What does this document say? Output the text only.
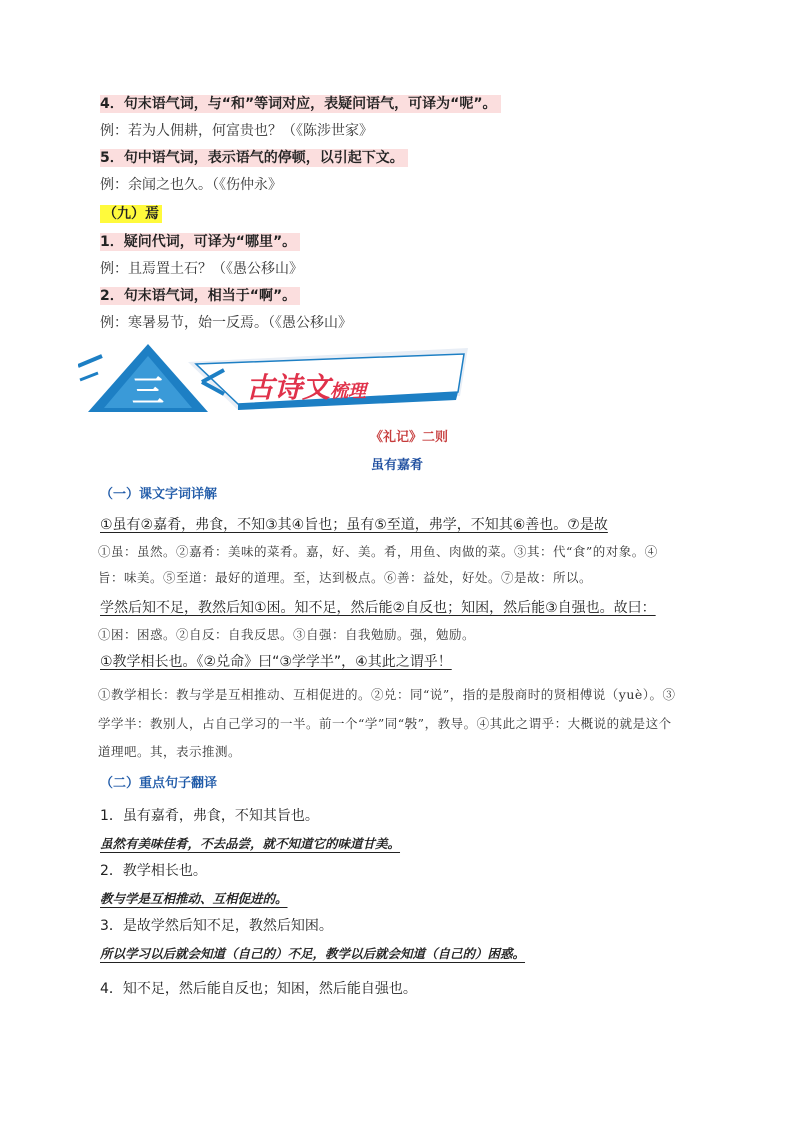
4．句末语气词，与“和”等词对应，表疑问语气，可译为“呢”。
例：若为人佣耕，何富贵也？（《陈涉世家》
5．句中语气词，表示语气的停顿，以引起下文。
例：余闻之也久。（《伤仲永》
（九）焉
1．疑问代词，可译为“哪里”。
例：且焉置土石？（《愚公移山》
2．句末语气词，相当于“啊”。
例：寒暑易节，始一反焉。（《愚公移山》
三	古诗文梳理
《礼记》二则
虽有嘉肴
（一）课文字词详解
①虽有②嘉肴，弗食，不知③其④旨也；虽有⑤至道，弗学，不知其⑥善也。⑦是故
①虽：虽然。②嘉肴：美味的菜肴。嘉，好、美。肴，用鱼、肉做的菜。③其：代“食”的对象。④
旨：味美。⑤至道：最好的道理。至，达到极点。⑥善：益处，好处。⑦是故：所以。
学然后知不足，教然后知①困。知不足，然后能②自反也；知困，然后能③自强也。故曰：
①困：困惑。②自反：自我反思。③自强：自我勉励。强，勉励。
①教学相长也。《②兑命》曰“③学学半”，④其此之谓乎！
①教学相长：教与学是互相推动、互相促进的。②兑：同“说”，指的是殷商时的贤相傅说（yuè）。③
学学半：教别人，占自己学习的一半。前一个“学”同“斅”，教导。④其此之谓乎：大概说的就是这个
道理吧。其，表示推测。
（二）重点句子翻译
1．虽有嘉肴，弗食，不知其旨也。
虽然有美味佳肴，不去品尝，就不知道它的味道甘美。
2．教学相长也。
教与学是互相推动、互相促进的。
3．是故学然后知不足，教然后知困。
所以学习以后就会知道（自己的）不足，教学以后就会知道（自己的）困惑。
4．知不足，然后能自反也；知困，然后能自强也。
